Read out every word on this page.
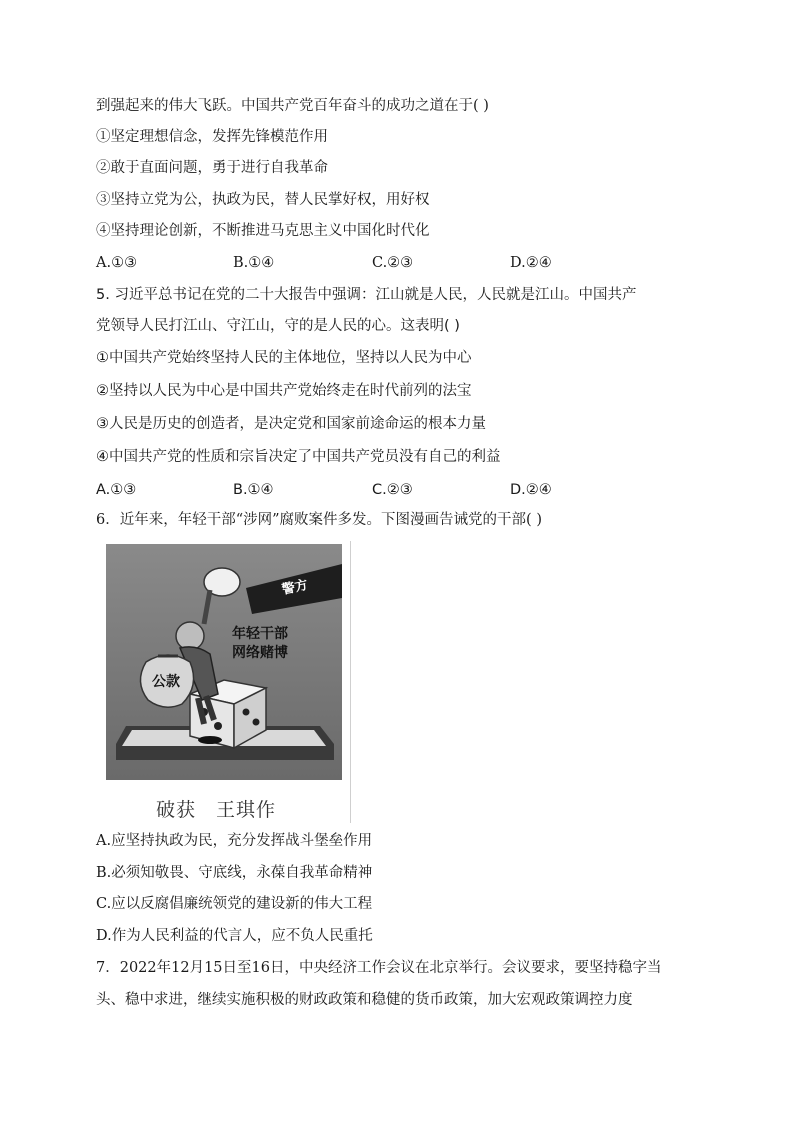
到强起来的伟大飞跃。中国共产党百年奋斗的成功之道在于( )
①坚定理想信念，发挥先锋模范作用
②敢于直面问题，勇于进行自我革命
③坚持立党为公，执政为民，替人民掌好权，用好权
④坚持理论创新，不断推进马克思主义中国化时代化
A.①③	B.①④	C.②③	D.②④
5. 习近平总书记在党的二十大报告中强调：江山就是人民，人民就是江山。中国共产
党领导人民打江山、守江山，守的是人民的心。这表明( )
①中国共产党始终坚持人民的主体地位，坚持以人民为中心
②坚持以人民为中心是中国共产党始终走在时代前列的法宝
③人民是历史的创造者，是决定党和国家前途命运的根本力量
④中国共产党的性质和宗旨决定了中国共产党员没有自己的利益
A.①③	B.①④	C.②③	D.②④
6．近年来，年轻干部“涉网”腐败案件多发。下图漫画告诫党的干部( )
警方
公款
年轻干部
网络赌博
破获　王琪作
A.应坚持执政为民，充分发挥战斗堡垒作用
B.必须知敬畏、守底线，永葆自我革命精神
C.应以反腐倡廉统领党的建设新的伟大工程
D.作为人民利益的代言人，应不负人民重托
7．2022年12月15日至16日，中央经济工作会议在北京举行。会议要求，要坚持稳字当
头、稳中求进，继续实施积极的财政政策和稳健的货币政策，加大宏观政策调控力度
